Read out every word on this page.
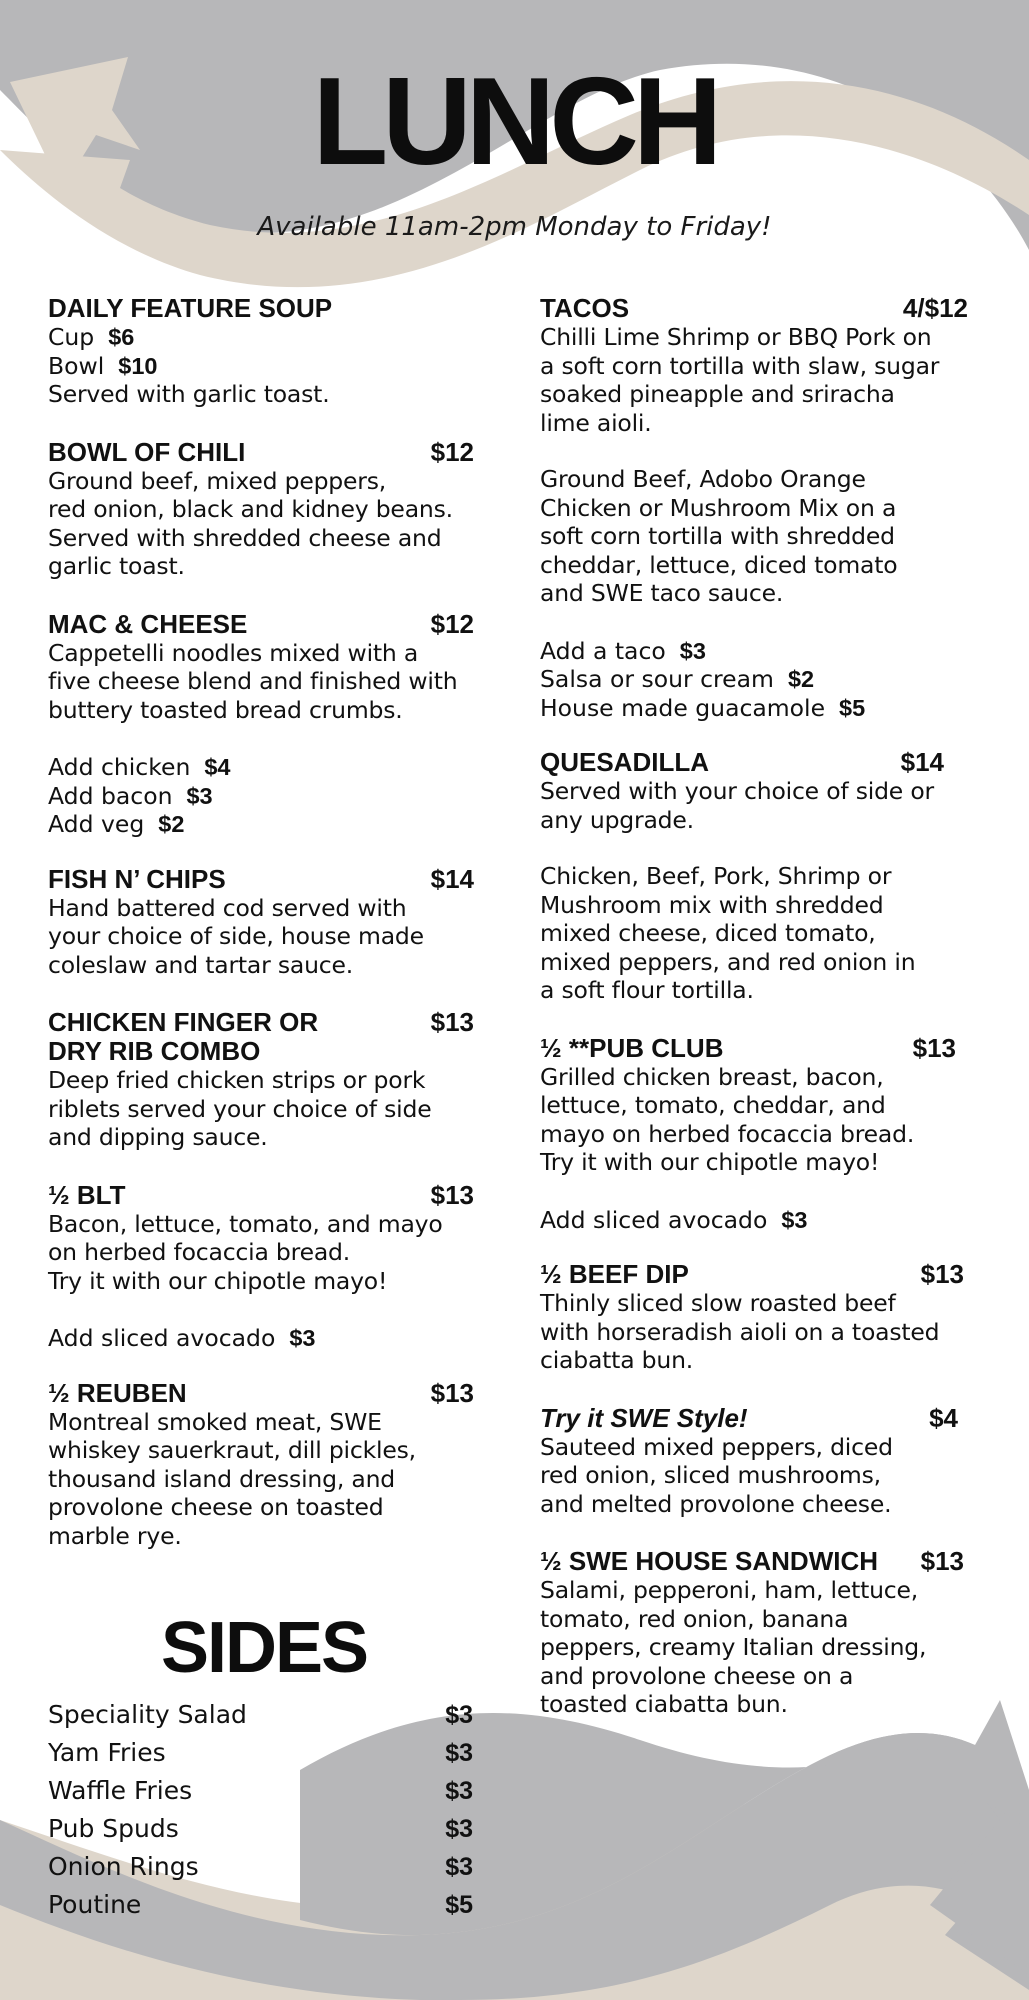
LUNCH
Available 11am-2pm Monday to Friday!
DAILY FEATURE SOUP
Cup $6
Bowl $10
Served with garlic toast.
BOWL OF CHILI	$12
Ground beef, mixed peppers,
red onion, black and kidney beans.
Served with shredded cheese and
garlic toast.
MAC & CHEESE	$12
Cappetelli noodles mixed with a
five cheese blend and finished with
buttery toasted bread crumbs.
Add chicken $4
Add bacon $3
Add veg $2
FISH N’ CHIPS	$14
Hand battered cod served with
your choice of side, house made
coleslaw and tartar sauce.
CHICKEN FINGER OR
DRY RIB COMBO
$13
Deep fried chicken strips or pork
riblets served your choice of side
and dipping sauce.
½ BLT	$13
Bacon, lettuce, tomato, and mayo
on herbed focaccia bread.
Try it with our chipotle mayo!
Add sliced avocado $3
½ REUBEN	$13
Montreal smoked meat, SWE
whiskey sauerkraut, dill pickles,
thousand island dressing, and
provolone cheese on toasted
marble rye.
SIDES
Speciality Salad	$3
Yam Fries	$3
Waffle Fries	$3
Pub Spuds	$3
Onion Rings	$3
Poutine	$5
TACOS	4/$12
Chilli Lime Shrimp or BBQ Pork on
a soft corn tortilla with slaw, sugar
soaked pineapple and sriracha
lime aioli.
Ground Beef, Adobo Orange
Chicken or Mushroom Mix on a
soft corn tortilla with shredded
cheddar, lettuce, diced tomato
and SWE taco sauce.
Add a taco $3
Salsa or sour cream $2
House made guacamole $5
QUESADILLA	$14
Served with your choice of side or
any upgrade.
Chicken, Beef, Pork, Shrimp or
Mushroom mix with shredded
mixed cheese, diced tomato,
mixed peppers, and red onion in
a soft flour tortilla.
½ **PUB CLUB	$13
Grilled chicken breast, bacon,
lettuce, tomato, cheddar, and
mayo on herbed focaccia bread.
Try it with our chipotle mayo!
Add sliced avocado $3
½ BEEF DIP	$13
Thinly sliced slow roasted beef
with horseradish aioli on a toasted
ciabatta bun.
Try it SWE Style!	$4
Sauteed mixed peppers, diced
red onion, sliced mushrooms,
and melted provolone cheese.
½ SWE HOUSE SANDWICH $13
Salami, pepperoni, ham, lettuce,
tomato, red onion, banana
peppers, creamy Italian dressing,
and provolone cheese on a
toasted ciabatta bun.
